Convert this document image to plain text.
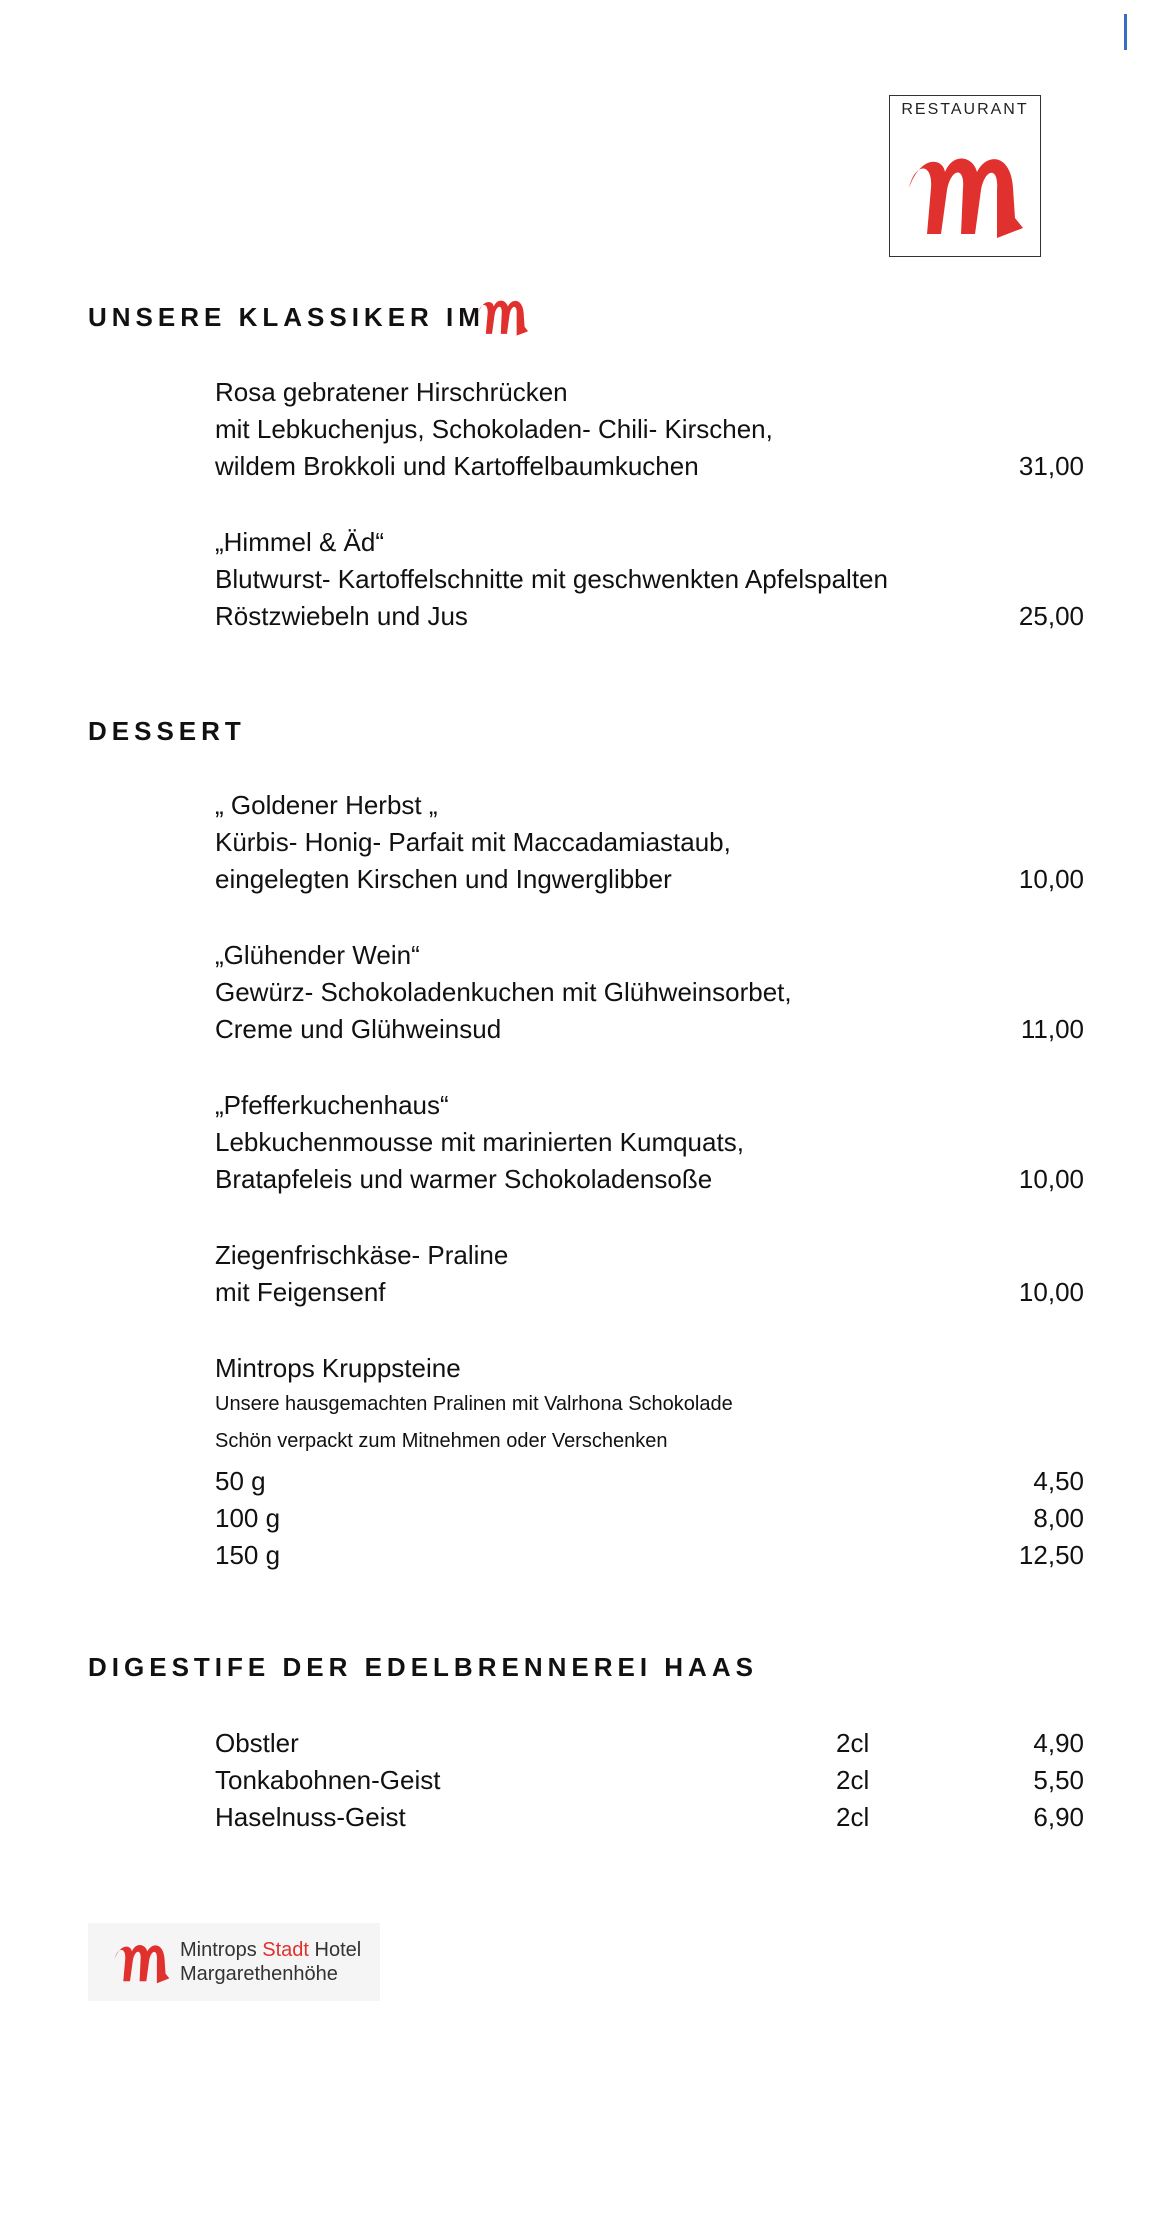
RESTAURANT
UNSERE KLASSIKER IM
Rosa gebratener Hirschrücken
mit Lebkuchenjus, Schokoladen- Chili- Kirschen,
wildem Brokkoli und Kartoffelbaumkuchen	31,00
„Himmel & Äd“
Blutwurst- Kartoffelschnitte mit geschwenkten Apfelspalten
Röstzwiebeln und Jus	25,00
DESSERT
„ Goldener Herbst „
Kürbis- Honig- Parfait mit Maccadamiastaub,
eingelegten Kirschen und Ingwerglibber	10,00
„Glühender Wein“
Gewürz- Schokoladenkuchen mit Glühweinsorbet,
Creme und Glühweinsud	11,00
„Pfefferkuchenhaus“
Lebkuchenmousse mit marinierten Kumquats,
Bratapfeleis und warmer Schokoladensoße	10,00
Ziegenfrischkäse- Praline
mit Feigensenf	10,00
Mintrops Kruppsteine
Unsere hausgemachten Pralinen mit Valrhona Schokolade
Schön verpackt zum Mitnehmen oder Verschenken
50 g	4,50
100 g	8,00
150 g	12,50
DIGESTIFE DER EDELBRENNEREI HAAS
Obstler	2cl	4,90
Tonkabohnen-Geist	2cl	5,50
Haselnuss-Geist	2cl	6,90
Mintrops Stadt Hotel
Margarethenhöhe
